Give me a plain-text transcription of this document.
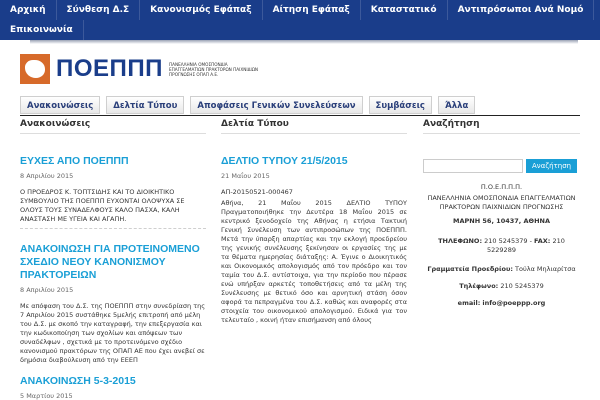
Αρχική	Σύνθεση Δ.Σ	Κανονισμός Εφάπαξ	Αίτηση Εφάπαξ	Καταστατικό	Αντιπρόσωποι Ανά Νομό
Επικοινωνία
ΠΟΕΠΠΠ ΠΑΝΕΛΛΗΝΙΑ ΟΜΟΣΠΟΝΔΙΑ ΕΠΑΓΓΕΛΜΑΤΙΩΝ ΠΡΑΚΤΟΡΩΝ ΠΑΙΧΝΙΔΙΩΝ ΠΡΟΓΝΩΣΗΣ ΟΠΑΠ Α.Ε.
Ανακοινώσεις	Δελτία Τύπου	Αποφάσεις Γενικών Συνελεύσεων	Συμβάσεις	Άλλα
Ανακοινώσεις
ΕΥΧΕΣ ΑΠΟ ΠΟΕΠΠΠ
8 Απριλίου 2015
Ο ΠΡΟΕΔΡΟΣ Κ. ΤΟΠΤΣΙΔΗΣ ΚΑΙ ΤΟ ΔΙΟΙΚΗΤΙΚΟ ΣΥΜΒΟΥΛΙΟ ΤΗΣ ΠΟΕΠΠΠ ΕΥΧΟΝΤΑΙ ΟΛΟΨΥΧΑ ΣΕ ΟΛΟΥΣ ΤΟΥΣ ΣΥΝΑΔΕΛΦΟΥΣ ΚΑΛΟ ΠΑΣΧΑ, ΚΑΛΗ ΑΝΑΣΤΑΣΗ ΜΕ ΥΓΕΙΑ ΚΑΙ ΑΓΑΠΗ.
ΑΝΑΚΟΙΝΩΣΗ ΓΙΑ ΠΡΟΤΕΙΝΟΜΕΝΟ ΣΧΕΔΙΟ ΝΕΟΥ ΚΑΝΟΝΙΣΜΟΥ ΠΡΑΚΤΟΡΕΙΩΝ
8 Απριλίου 2015
Με απόφαση του Δ.Σ. της ΠΟΕΠΠΠ στην συνεδρίαση της 7 Απριλίου 2015 συστάθηκε 5μελής επιτροπή από μέλη του Δ.Σ. με σκοπό την καταγραφή, την επεξεργασία και την κωδικοποίηση των σχολίων και απόψεων των συναδέλφων , σχετικά με το προτεινόμενο σχέδιο κανονισμού πρακτόρων της ΟΠΑΠ ΑΕ που έχει ανεβεί σε δημόσια διαβούλευση από την ΕΕΕΠ
ΑΝΑΚΟΙΝΩΣΗ 5-3-2015
5 Μαρτίου 2015
Δελτία Τύπου
ΔΕΛΤΙΟ ΤΥΠΟΥ 21/5/2015
21 Μαΐου 2015
ΑΠ-20150521-000467
Αθήνα, 21 Μαΐου 2015 ΔΕΛΤΙΟ ΤΥΠΟΥ Πραγματοποιήθηκε την Δευτέρα 18 Μαΐου 2015 σε κεντρικό ξενοδοχείο της Αθήνας η ετήσια Τακτική Γενική Συνέλευση των αντιπροσώπων της ΠΟΕΠΠΠ. Μετά την ύπαρξη απαρτίας και την εκλογή προεδρείου της γενικής συνέλευσης ξεκίνησαν οι εργασίες της με τα θέματα ημερησίας διάταξης: Α. Έγινε ο Διοικητικός και Οικονομικός απολογισμός από τον πρόεδρο και τον ταμία του Δ.Σ. αντίστοιχα, για την περίοδο που πέρασε ενώ υπήρξαν αρκετές τοποθετήσεις από τα μέλη της Συνέλευσης με θετικό όσο και αρνητική στάση όσον αφορά τα πεπραγμένα του Δ.Σ. καθώς και αναφορές στα στοιχεία του οικονομικού απολογισμού. Ειδικά για τον τελευταίο , κοινή ήταν επισήμανση από όλους
Αναζήτηση
Αναζήτηση

Π.Ο.Ε.Π.Π.Π.

ΠΑΝΕΛΛΗΝΙΑ ΟΜΟΣΠΟΝΔΙΑ ΕΠΑΓΓΕΛΜΑΤΙΩΝ ΠΡΑΚΤΟΡΩΝ ΠΑΙΧΝΙΔΙΩΝ ΠΡΟΓΝΩΣΗΣ

ΜΑΡΝΗ 56, 10437, ΑΘΗΝΑ

ΤΗΛΕΦΩΝΟ: 210 5245379 - FAX: 210 5229289

Γραμματεία Προεδρίου: Τούλα Μηλιαρίτσα

Τηλέφωνο: 210 5245379

email: info@poeppp.org
